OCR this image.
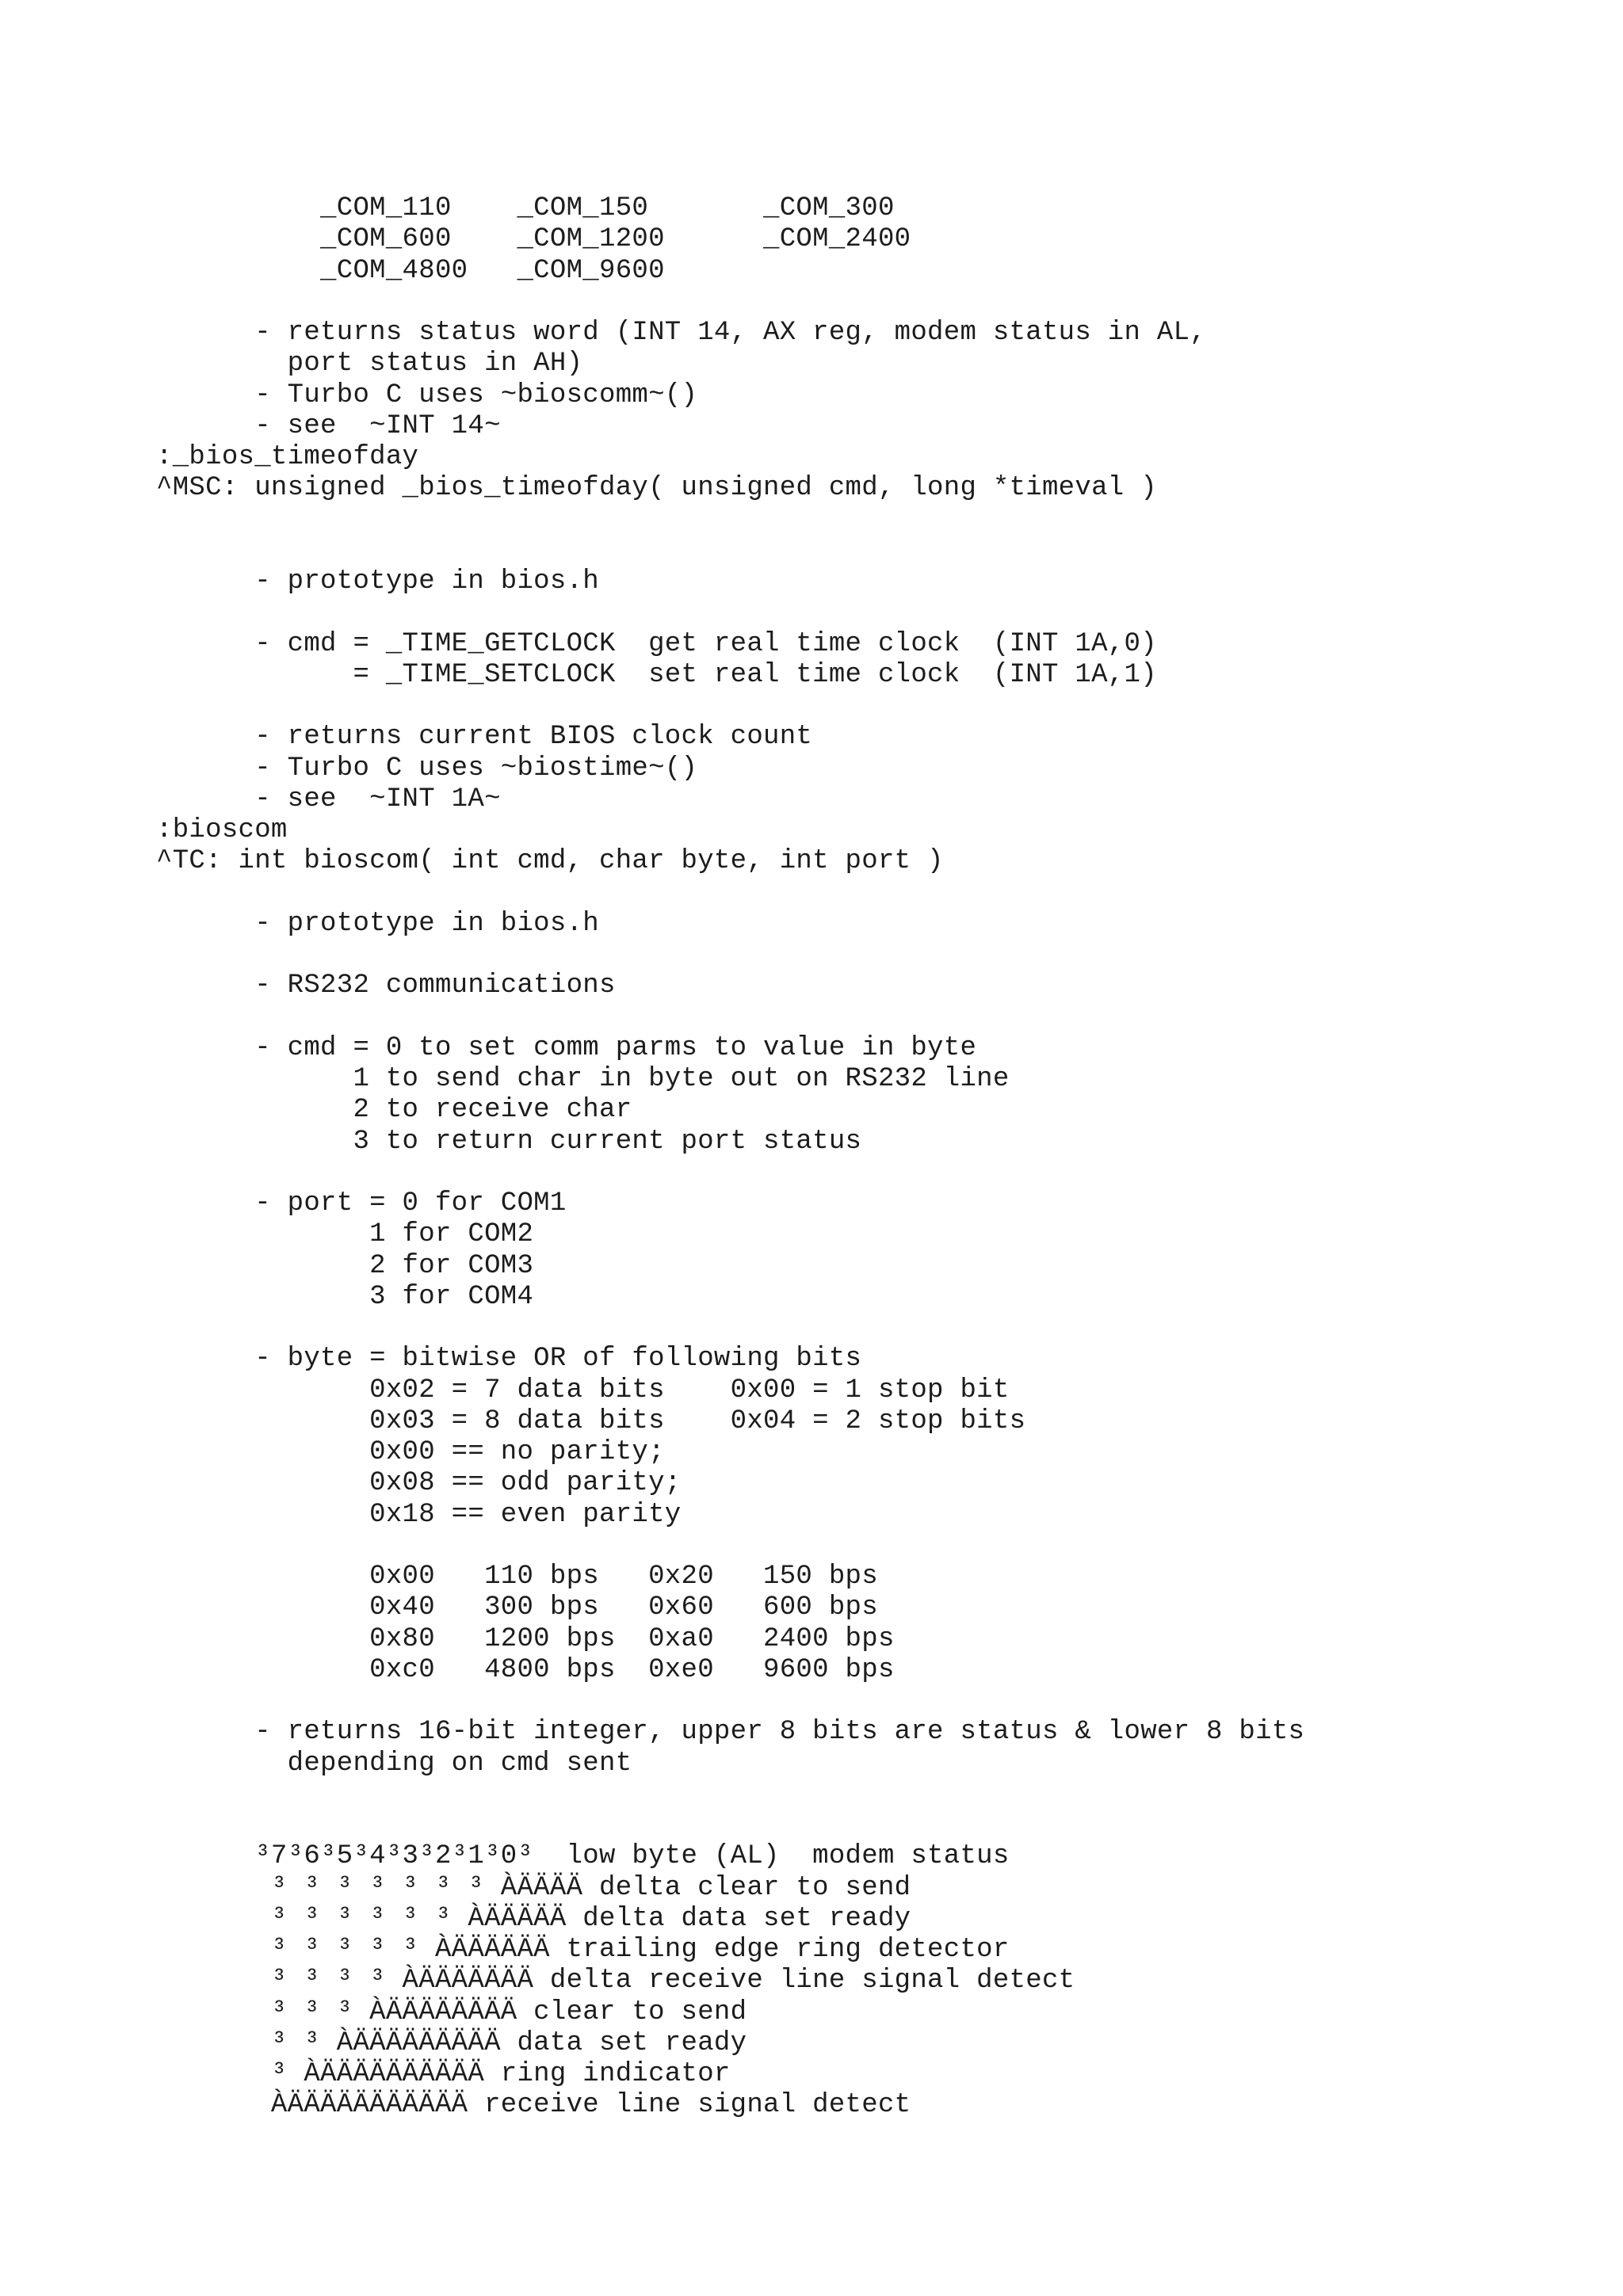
_COM_110    _COM_150       _COM_300
_COM_600    _COM_1200      _COM_2400
_COM_4800   _COM_9600
- returns status word (INT 14, AX reg, modem status in AL,
port status in AH)
- Turbo C uses ~bioscomm~()
- see  ~INT 14~
:_bios_timeofday
^MSC: unsigned _bios_timeofday( unsigned cmd, long *timeval )
- prototype in bios.h
- cmd = _TIME_GETCLOCK  get real time clock  (INT 1A,0)
= _TIME_SETCLOCK  set real time clock  (INT 1A,1)
- returns current BIOS clock count
- Turbo C uses ~biostime~()
- see  ~INT 1A~
:bioscom
^TC: int bioscom( int cmd, char byte, int port )
- prototype in bios.h
- RS232 communications
- cmd = 0 to set comm parms to value in byte
1 to send char in byte out on RS232 line
2 to receive char
3 to return current port status
- port = 0 for COM1
1 for COM2
2 for COM3
3 for COM4
- byte = bitwise OR of following bits
0x02 = 7 data bits    0x00 = 1 stop bit
0x03 = 8 data bits    0x04 = 2 stop bits
0x00 == no parity;
0x08 == odd parity;
0x18 == even parity
0x00   110 bps   0x20   150 bps
0x40   300 bps   0x60   600 bps
0x80   1200 bps  0xa0   2400 bps
0xc0   4800 bps  0xe0   9600 bps
- returns 16-bit integer, upper 8 bits are status & lower 8 bits
depending on cmd sent
³7³6³5³4³3³2³1³0³  low byte (AL)  modem status
³ ³ ³ ³ ³ ³ ³ ÀÄÄÄÄ delta clear to send
³ ³ ³ ³ ³ ³ ÀÄÄÄÄÄ delta data set ready
³ ³ ³ ³ ³ ÀÄÄÄÄÄÄ trailing edge ring detector
³ ³ ³ ³ ÀÄÄÄÄÄÄÄ delta receive line signal detect
³ ³ ³ ÀÄÄÄÄÄÄÄÄ clear to send
³ ³ ÀÄÄÄÄÄÄÄÄÄ data set ready
³ ÀÄÄÄÄÄÄÄÄÄÄ ring indicator
ÀÄÄÄÄÄÄÄÄÄÄÄ receive line signal detect
